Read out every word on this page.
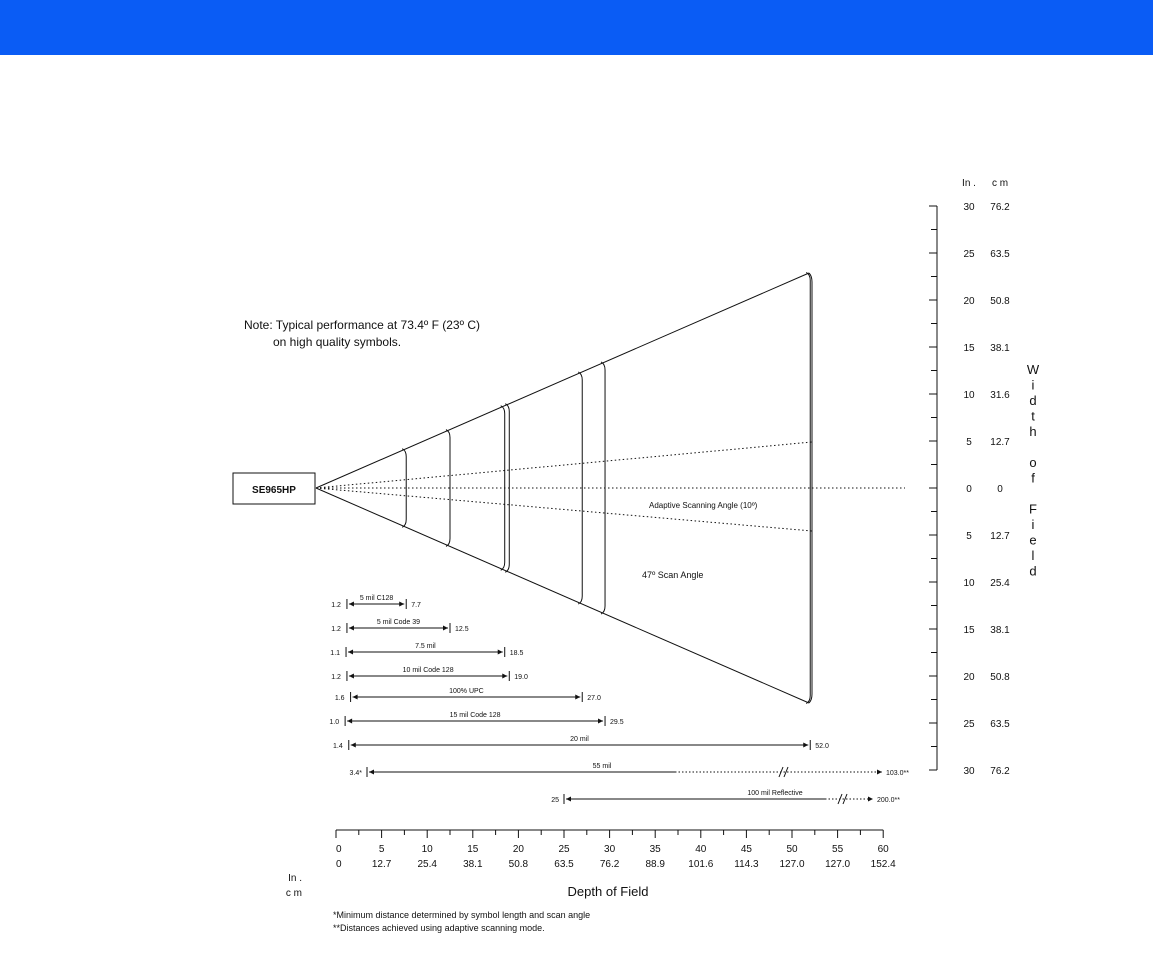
30 76.2
25 63.5
20 50.8
15 38.1
10 31.6
5 12.7
0	0
5 12.7
10 25.4
15 38.1
20 50.8
25 63.5
30 76.2
W
i
d
t
h
o
f
F
i
e
l
d
5 mil C128
1.2	7.7
5 mil Code 39
1.2	12.5
7.5 mil
1.1	18.5
10 mil Code 128
1.2	19.0
100% UPC
1.6	27.0
15 mil Code 128
1.0	29.5
20 mil
1.4	52.0
55 mil
3.4*	103.0**
100 mil Reflective
25	200.0**
0
0
5
12.7
10
25.4
15
38.1
20
50.8
25
63.5
30
76.2
35
88.9
40
101.6
45
114.3
50
127.0
55
127.0
60
152.4
SE965HP
Note: Typical performance at 73.4º F (23º C)
on high quality symbols.
Adaptive Scanning Angle (10º)
47º Scan Angle
Depth of Field
In .
c m
In . c m
*Minimum distance determined by symbol length and scan angle
**Distances achieved using adaptive scanning mode.
